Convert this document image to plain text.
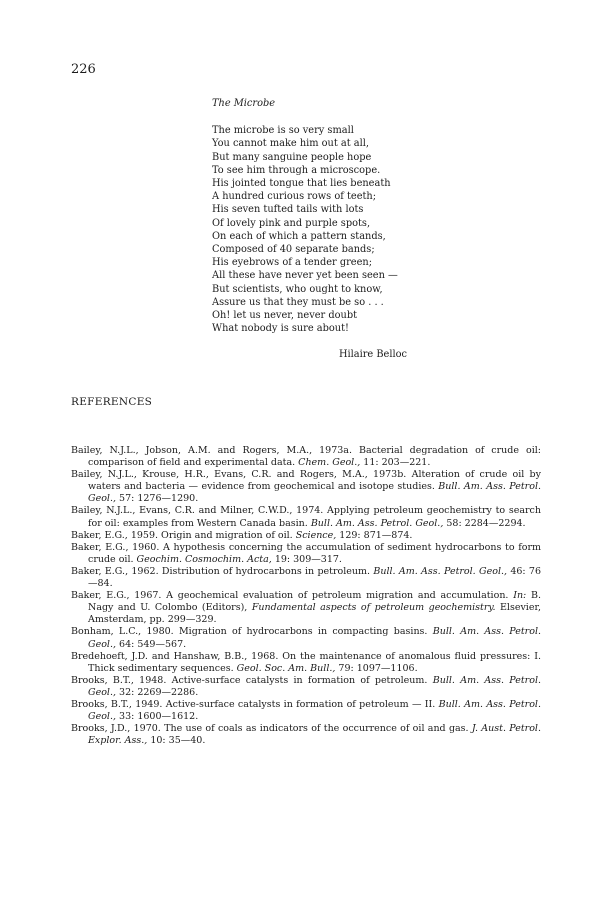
226
The Microbe
The microbe is so very small
You cannot make him out at all,
But many sanguine people hope
To see him through a microscope.
His jointed tongue that lies beneath
A hundred curious rows of teeth;
His seven tufted tails with lots
Of lovely pink and purple spots,
On each of which a pattern stands,
Composed of 40 separate bands;
His eyebrows of a tender green;
All these have never yet been seen —
But scientists, who ought to know,
Assure us that they must be so . . .
Oh! let us never, never doubt
What nobody is sure about!
Hilaire Belloc
REFERENCES
Bailey, N.J.L., Jobson, A.M. and Rogers, M.A., 1973a. Bacterial degradation of crude oil: comparison of field and experimental data. Chem. Geol., 11: 203—221.
Bailey, N.J.L., Krouse, H.R., Evans, C.R. and Rogers, M.A., 1973b. Alteration of crude oil by waters and bacteria — evidence from geochemical and isotope studies. Bull. Am. Ass. Petrol. Geol., 57: 1276—1290.
Bailey, N.J.L., Evans, C.R. and Milner, C.W.D., 1974. Applying petroleum geochemistry to search for oil: examples from Western Canada basin. Bull. Am. Ass. Petrol. Geol., 58: 2284—2294.
Baker, E.G., 1959. Origin and migration of oil. Science, 129: 871—874.
Baker, E.G., 1960. A hypothesis concerning the accumulation of sediment hydrocarbons to form crude oil. Geochim. Cosmochim. Acta, 19: 309—317.
Baker, E.G., 1962. Distribution of hydrocarbons in petroleum. Bull. Am. Ass. Petrol. Geol., 46: 76—84.
Baker, E.G., 1967. A geochemical evaluation of petroleum migration and accumulation. In: B. Nagy and U. Colombo (Editors), Fundamental aspects of petroleum geochemistry. Elsevier, Amsterdam, pp. 299—329.
Bonham, L.C., 1980. Migration of hydrocarbons in compacting basins. Bull. Am. Ass. Petrol. Geol., 64: 549—567.
Bredehoeft, J.D. and Hanshaw, B.B., 1968. On the maintenance of anomalous fluid pressures: I. Thick sedimentary sequences. Geol. Soc. Am. Bull., 79: 1097—1106.
Brooks, B.T., 1948. Active-surface catalysts in formation of petroleum. Bull. Am. Ass. Petrol. Geol., 32: 2269—2286.
Brooks, B.T., 1949. Active-surface catalysts in formation of petroleum — II. Bull. Am. Ass. Petrol. Geol., 33: 1600—1612.
Brooks, J.D., 1970. The use of coals as indicators of the occurrence of oil and gas. J. Aust. Petrol. Explor. Ass., 10: 35—40.
